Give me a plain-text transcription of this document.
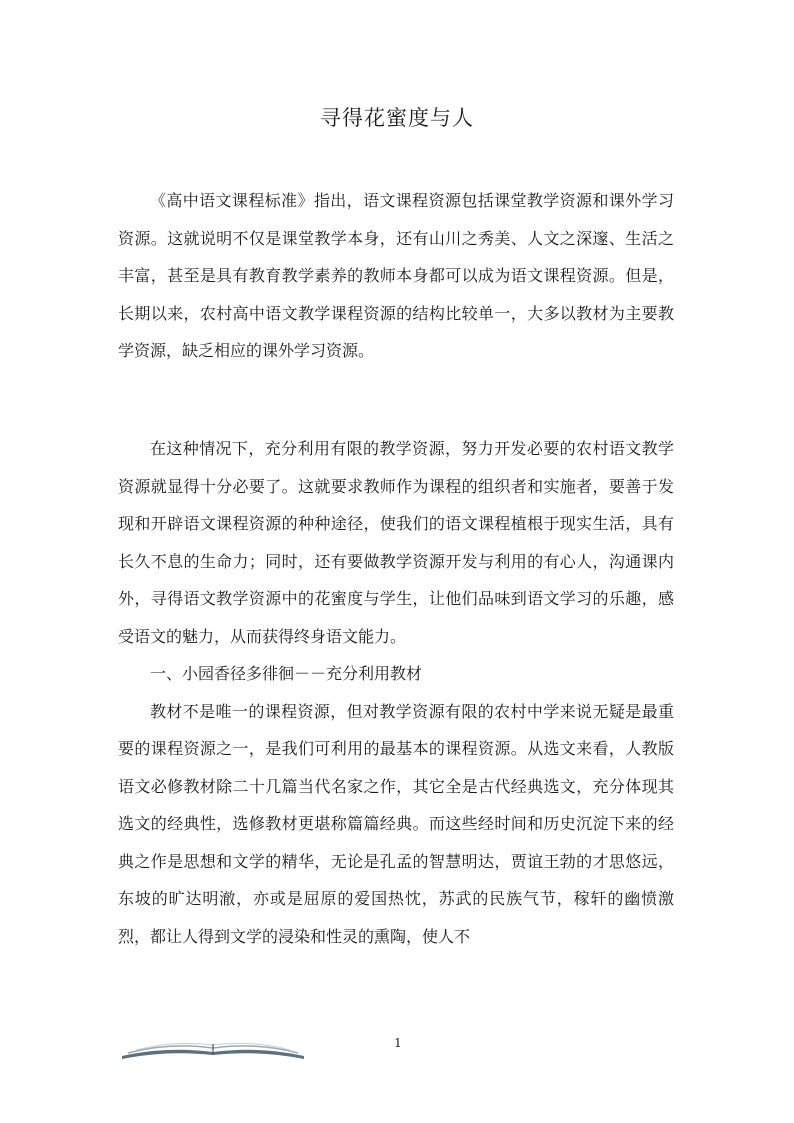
寻得花蜜度与人

《高中语文课程标准》指出，语文课程资源包括课堂教学资源和课外学习资源。这就说明不仅是课堂教学本身，还有山川之秀美、人文之深邃、生活之丰富，甚至是具有教育教学素养的教师本身都可以成为语文课程资源。但是，长期以来，农村高中语文教学课程资源的结构比较单一，大多以教材为主要教学资源，缺乏相应的课外学习资源。

在这种情况下，充分利用有限的教学资源，努力开发必要的农村语文教学资源就显得十分必要了。这就要求教师作为课程的组织者和实施者，要善于发现和开辟语文课程资源的种种途径，使我们的语文课程植根于现实生活，具有长久不息的生命力；同时，还有要做教学资源开发与利用的有心人，沟通课内外，寻得语文教学资源中的花蜜度与学生，让他们品味到语文学习的乐趣，感受语文的魅力，从而获得终身语文能力。

一、小园香径多徘徊－－充分利用教材

教材不是唯一的课程资源，但对教学资源有限的农村中学来说无疑是最重要的课程资源之一，是我们可利用的最基本的课程资源。从选文来看，人教版语文必修教材除二十几篇当代名家之作，其它全是古代经典选文，充分体现其选文的经典性，选修教材更堪称篇篇经典。而这些经时间和历史沉淀下来的经典之作是思想和文学的精华，无论是孔孟的智慧明达，贾谊王勃的才思悠远，东坡的旷达明澈，亦或是屈原的爱国热忱，苏武的民族气节，稼轩的幽愤激烈，都让人得到文学的浸染和性灵的熏陶，使人不

1
